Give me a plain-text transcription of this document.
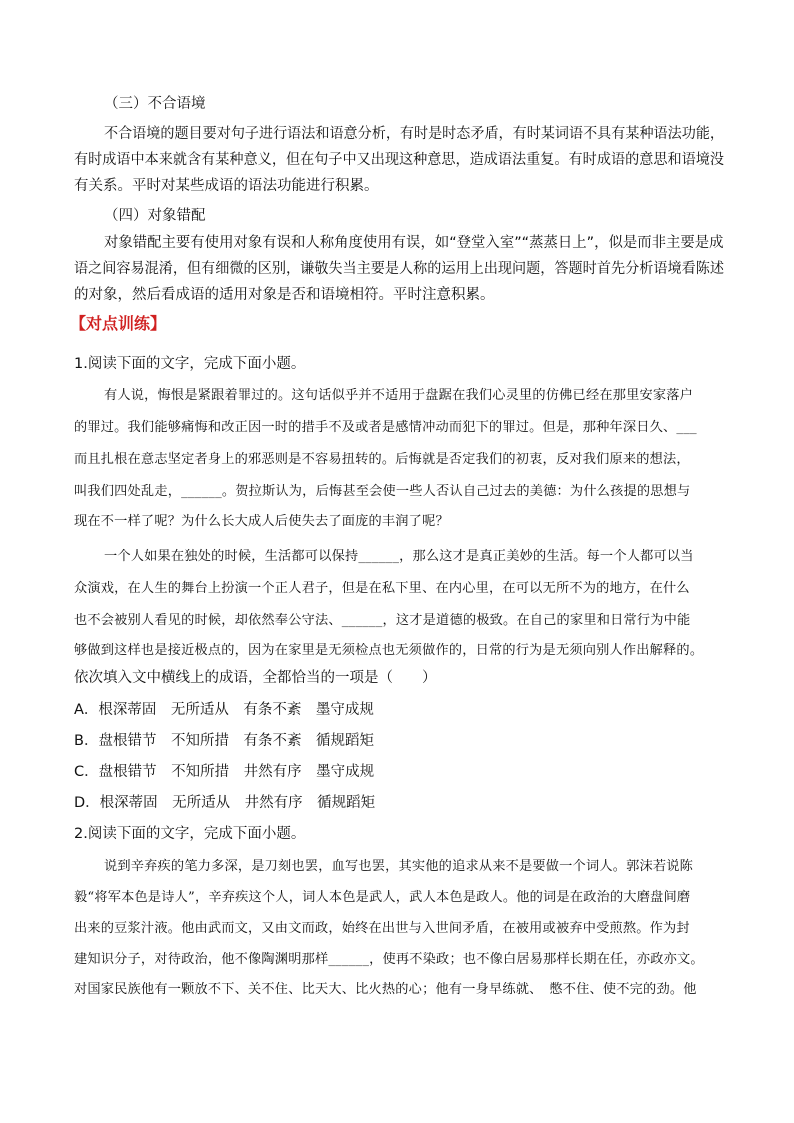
（三）不合语境
不合语境的题目要对句子进行语法和语意分析，有时是时态矛盾，有时某词语不具有某种语法功能，
有时成语中本来就含有某种意义，但在句子中又出现这种意思，造成语法重复。有时成语的意思和语境没
有关系。平时对某些成语的语法功能进行积累。
（四）对象错配
对象错配主要有使用对象有误和人称角度使用有误，如“登堂入室”“蒸蒸日上”，似是而非主要是成
语之间容易混淆，但有细微的区别，谦敬失当主要是人称的运用上出现问题，答题时首先分析语境看陈述
的对象，然后看成语的适用对象是否和语境相符。平时注意积累。
【对点训练】
1.阅读下面的文字，完成下面小题。
有人说，悔恨是紧跟着罪过的。这句话似乎并不适用于盘踞在我们心灵里的仿佛已经在那里安家落户
的罪过。我们能够痛悔和改正因一时的措手不及或者是感情冲动而犯下的罪过。但是，那种年深日久、___
而且扎根在意志坚定者身上的邪恶则是不容易扭转的。后悔就是否定我们的初衷，反对我们原来的想法，
叫我们四处乱走，______。贺拉斯认为，后悔甚至会使一些人否认自己过去的美德：为什么孩提的思想与
现在不一样了呢？为什么长大成人后使失去了面庞的丰润了呢？
一个人如果在独处的时候，生活都可以保持______，那么这才是真正美妙的生活。每一个人都可以当
众演戏，在人生的舞台上扮演一个正人君子，但是在私下里、在内心里，在可以无所不为的地方，在什么
也不会被别人看见的时候，却依然奉公守法、______，这才是道德的极致。在自己的家里和日常行为中能
够做到这样也是接近极点的，因为在家里是无须检点也无须做作的，日常的行为是无须向别人作出解释的。
依次填入文中横线上的成语，全都恰当的一项是（　　）
A．根深蒂固　无所适从　有条不紊　墨守成规
B．盘根错节　不知所措　有条不紊　循规蹈矩
C．盘根错节　不知所措　井然有序　墨守成规
D．根深蒂固　无所适从　井然有序　循规蹈矩
2.阅读下面的文字，完成下面小题。
说到辛弃疾的笔力多深，是刀刻也罢，血写也罢，其实他的追求从来不是要做一个词人。郭沫若说陈
毅“将军本色是诗人”，辛弃疾这个人，词人本色是武人，武人本色是政人。他的词是在政治的大磨盘间磨
出来的豆浆汁液。他由武而文，又由文而政，始终在出世与入世间矛盾，在被用或被弃中受煎熬。作为封
建知识分子，对待政治，他不像陶渊明那样______，使再不染政；也不像白居易那样长期在任，亦政亦文。
对国家民族他有一颗放不下、关不住、比天大、比火热的心；他有一身早练就、　憋不住、使不完的劲。他
